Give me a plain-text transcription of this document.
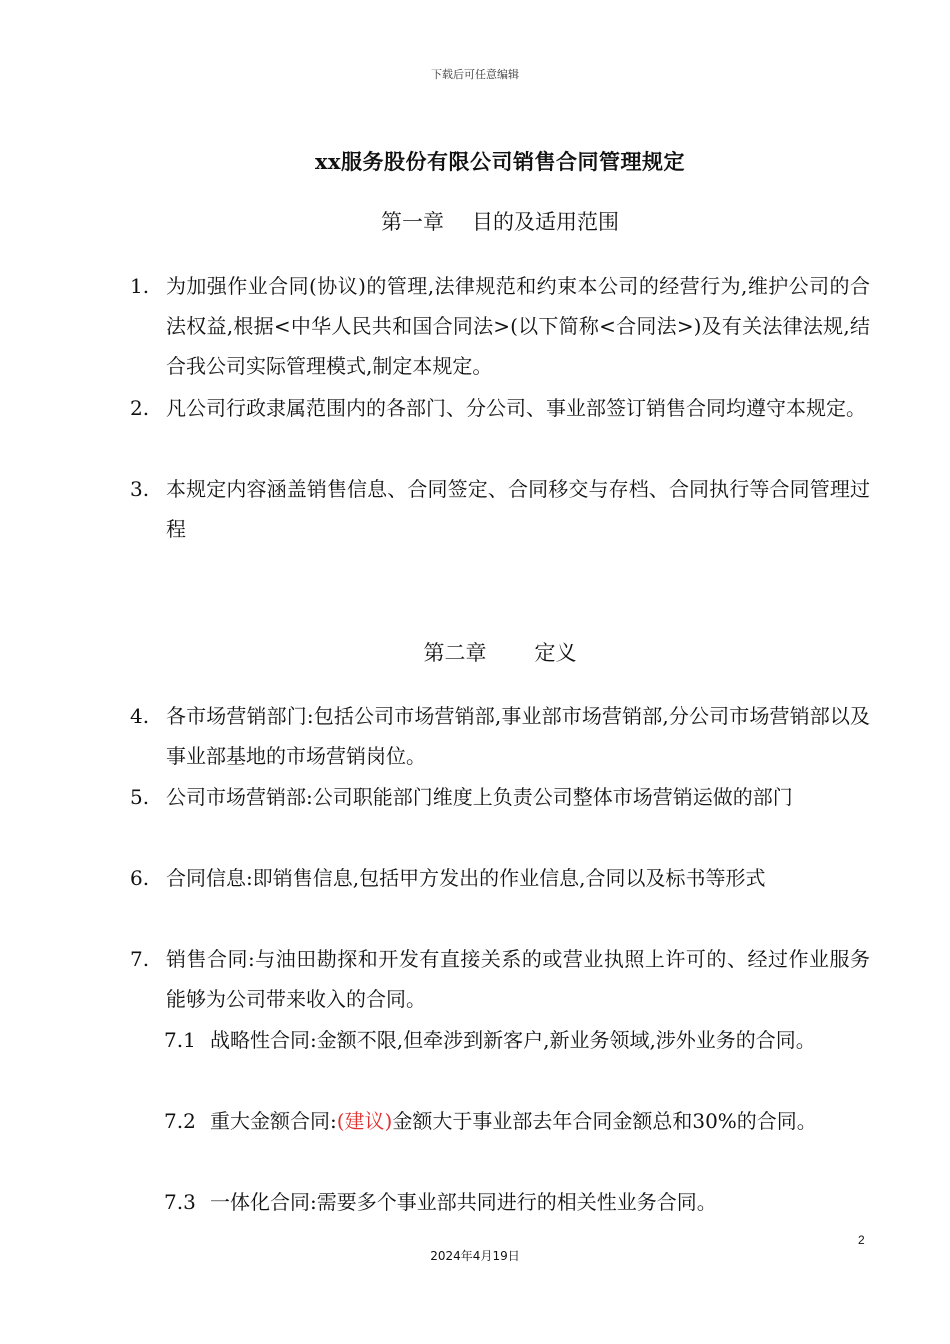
下载后可任意编辑
xx服务股份有限公司销售合同管理规定
第一章 目的及适用范围
1. 为加强作业合同(协议)的管理,法律规范和约束本公司的经营行为,维护公司的合法权益,根据<中华人民共和国合同法>(以下简称<合同法>)及有关法律法规,结合我公司实际管理模式,制定本规定。
2. 凡公司行政隶属范围内的各部门、分公司、事业部签订销售合同均遵守本规定。
3. 本规定内容涵盖销售信息、合同签定、合同移交与存档、合同执行等合同管理过程
第二章 定义
4. 各市场营销部门:包括公司市场营销部,事业部市场营销部,分公司市场营销部以及事业部基地的市场营销岗位。
5. 公司市场营销部:公司职能部门维度上负责公司整体市场营销运做的部门
6. 合同信息:即销售信息,包括甲方发出的作业信息,合同以及标书等形式
7. 销售合同:与油田勘探和开发有直接关系的或营业执照上许可的、经过作业服务能够为公司带来收入的合同。
7.1 战略性合同:金额不限,但牵涉到新客户,新业务领域,涉外业务的合同。
7.2 重大金额合同:(建议)金额大于事业部去年合同金额总和30%的合同。
7.3 一体化合同:需要多个事业部共同进行的相关性业务合同。
2
2024年4月19日
